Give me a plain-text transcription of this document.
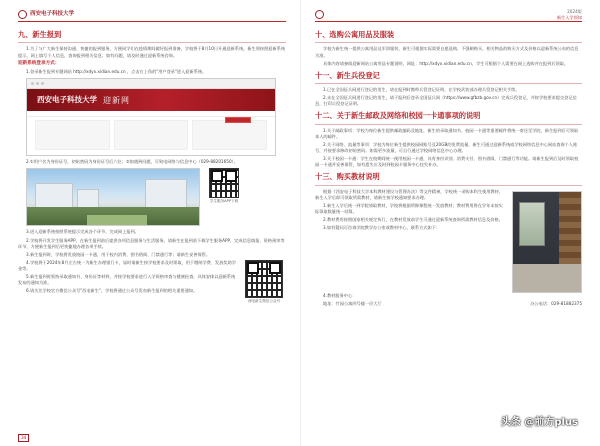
西安电子科技大学
九、新生报到

1.为了与广大新生保持沟通、快捷的报到服务，方便同学们在疫情期间做好报到准备，学校将于8月10日开通迎新系统。新生须按照迎新系统提示，网上填写个人信息，查询报到相关信息；如有问题，请及时通过迎新系统咨询。

迎新系统登录方式：

1.登录新生报到专题网站 http://xdyx.xidian.edu.cn ，点击右上角的"用户登录"进入迎新系统。

西安电子科技大学 迎新网

2.①用户名为身份证号，初始密码为身份证号后六位；②如遇到问题，可致电网络与信息中心（029-88201650）。

学生服务APP下载

3.进入迎新系统按照系统提示完成各个环节，完成网上报到。

2.学校将开发学生服务APP，在新生报到前后提供各项信息服务与生活服务。请新生在报到前下载学生服务APP，完成信息填报、资格预审等环节，方便新生报到后更快捷地办理各项手续。

3.新生报到时，学校将发放校园一卡通，用于校内消费、图书借阅、门禁通行等；请新生妥善保管。

4.学校将于2024年8月左右统一为新生办理银行卡，届时请新生按学校要求及时领取，用于缴纳学费、发放奖助学金等。

5.新生报到时须持录取通知书、身份证等材料，并按学校要求进行入学资格审查与健康检查，具体安排以迎新系统发布的通知为准。

6.请关注学校官方微信公众号"西电新生"，学校将通过公众号发布新生报到的相关重要通知。

西电新生微信公众号
34
2024版
新生入学须知
十、选购公寓用品及服装

学校为新生统一提供公寓用品及军训服装，新生可根据实际需要自愿选购，不强制购买。相关物品的购买方式及价格以迎新系统公布的信息为准。

具体内容请参阅迎新网站公寓用品专题说明，网址：http://xdyx.xidian.edu.cn，学生可根据个人需要在网上选购并在报到后领取。

十一、新生兵役登记

1.已在全国征兵网进行登记的男生，请在报到时携带兵役登记证明，在学校武装部办理兵役登记相关手续。

2.未在全国征兵网进行登记的男生，请于报到后登录全国征兵网（https://www.gfbzb.gov.cn）完成兵役登记，并按学校要求提交登记信息，打印兵役登记证明。

十二、关于新生邮政及网络和校园一卡通事项的说明

1.关于邮政事项：学校为每位新生提供邮政编码及地址，新生的录取通知书、校园一卡通等重要邮件将统一寄送至学院，新生报到后可领取本人的邮件。

2.关于网络、流量等事项：学校为每位新生提供校园网账号及20GB的免费流量，新生可通过迎新系统或学校网络信息中心网站查询个人账号，并按要求修改初始密码。如需更多流量，可自行通过学校网络信息中心办理。

3.关于校园一卡通：学生在校期间统一使用校园一卡通，具有身份识别、消费支付、图书借阅、门禁通行等功能。请新生报到后及时领取校园一卡通并妥善保管，如有遗失应及时到校园卡服务中心挂失补办。

十三、购买教材说明

根据《西安电子科技大学本科教材建设与管理办法》等文件精神，学校统一采购本科生使用教材，新生入学后即可领取所需教材，请新生按学校通知要求办理。

1.新生入学后统一到学院领取教材，学校将根据所修课程统一发放教材；教材费用将在学年末按实际领取数量统一结算。

2.教材费用按照国家相关规定执行，在教材发放前学生可通过迎新系统查询所需教材信息及价格。

3.如有疑问可咨询学院教学办公室或教材中心，联系方式如下：

4.教材服务中心：

地址：竹园公寓四号楼一层大厅	办公电话：029-81882375
头条 @前方plus
